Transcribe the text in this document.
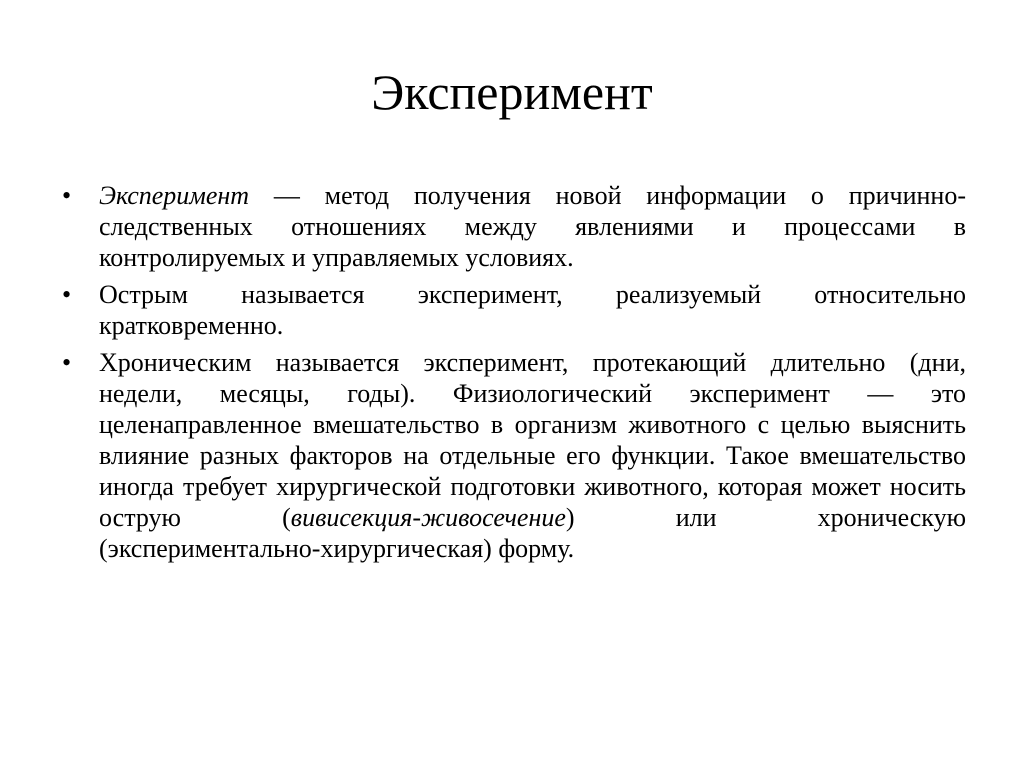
Эксперимент
•	Эксперимент — метод получения новой информации о причинно-следственных отношениях между явлениями и процессами в контролируемых и управляемых условиях.
•	Острым называется эксперимент, реализуемый относительно кратковременно.
•	Хроническим называется эксперимент, протекающий длительно (дни, недели, месяцы, годы). Физиологический эксперимент — это целенаправленное вмешательство в организм животного с целью выяснить влияние разных факторов на отдельные его функции. Такое вмешательство иногда требует хирургической подготовки животного, которая может носить острую	(вивисекция-живосечение) или хроническую
(экспериментально-хирургическая) форму.
